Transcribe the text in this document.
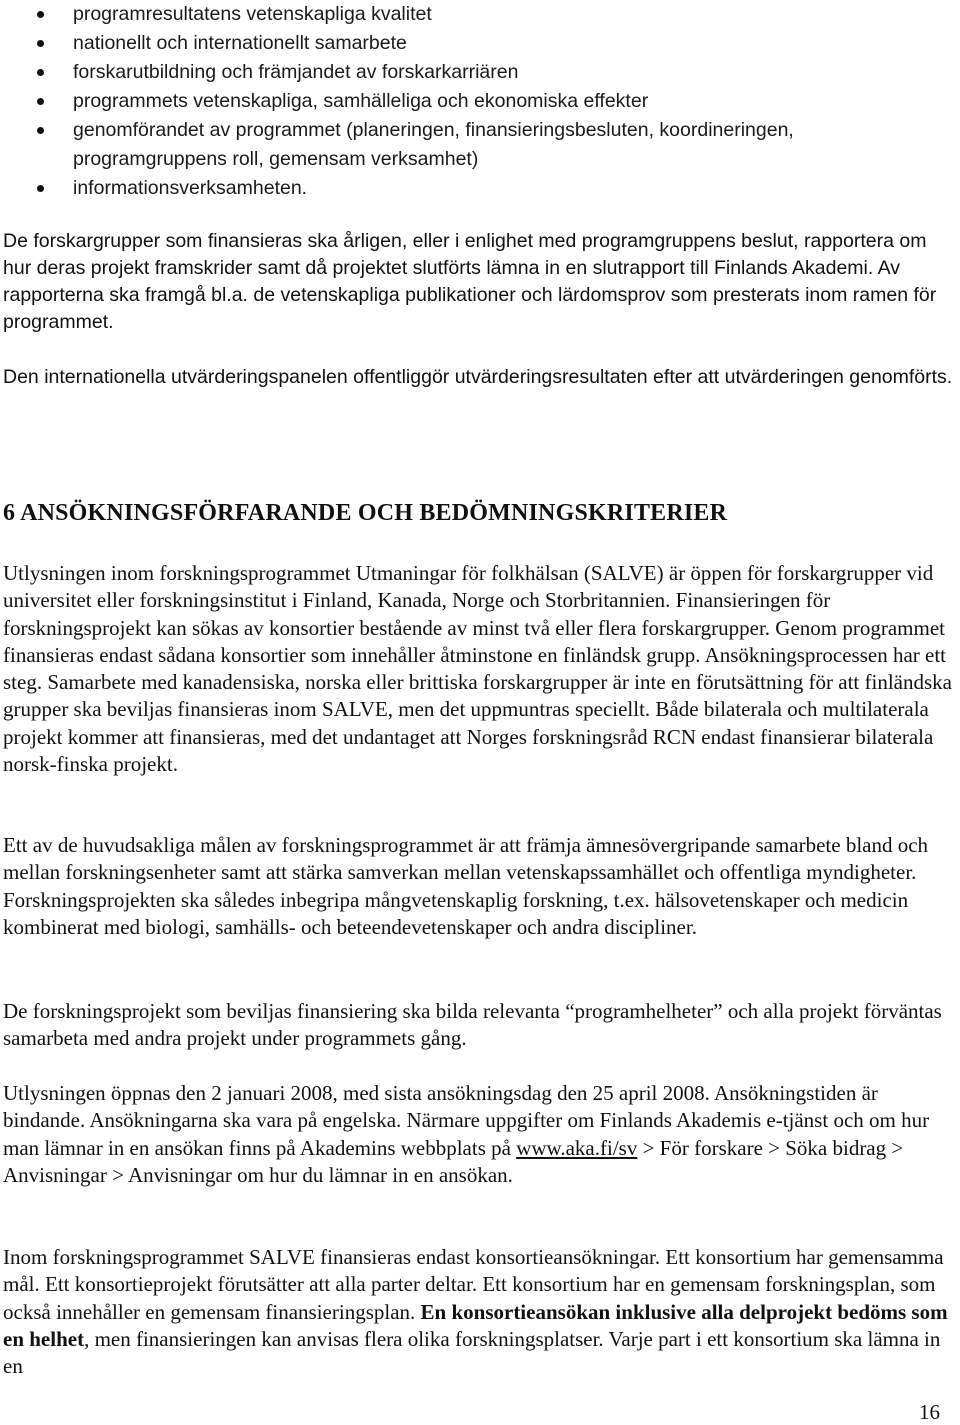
programresultatens vetenskapliga kvalitet
nationellt och internationellt samarbete
forskarutbildning och främjandet av forskarkarriären
programmets vetenskapliga, samhälleliga och ekonomiska effekter
genomförandet av programmet (planeringen, finansieringsbesluten, koordineringen, programgruppens roll, gemensam verksamhet)
informationsverksamheten.

De forskargrupper som finansieras ska årligen, eller i enlighet med programgruppens beslut, rapportera om hur deras projekt framskrider samt då projektet slutförts lämna in en slutrapport till Finlands Akademi. Av rapporterna ska framgå bl.a. de vetenskapliga publikationer och lärdomsprov som presterats inom ramen för programmet.

Den internationella utvärderingspanelen offentliggör utvärderingsresultaten efter att utvärderingen genomförts.

6 ANSÖKNINGSFÖRFARANDE OCH BEDÖMNINGSKRITERIER

Utlysningen inom forskningsprogrammet Utmaningar för folkhälsan (SALVE) är öppen för forskargrupper vid universitet eller forskningsinstitut i Finland, Kanada, Norge och Storbritannien. Finansieringen för forskningsprojekt kan sökas av konsortier bestående av minst två eller flera forskargrupper. Genom programmet finansieras endast sådana konsortier som innehåller åtminstone en finländsk grupp. Ansökningsprocessen har ett steg. Samarbete med kanadensiska, norska eller brittiska forskargrupper är inte en förutsättning för att finländska grupper ska beviljas finansieras inom SALVE, men det uppmuntras speciellt. Både bilaterala och multilaterala projekt kommer att finansieras, med det undantaget att Norges forskningsråd RCN endast finansierar bilaterala norsk-finska projekt.

Ett av de huvudsakliga målen av forskningsprogrammet är att främja ämnesövergripande samarbete bland och mellan forskningsenheter samt att stärka samverkan mellan vetenskapssamhället och offentliga myndigheter. Forskningsprojekten ska således inbegripa mångvetenskaplig forskning, t.ex. hälsovetenskaper och medicin kombinerat med biologi, samhälls- och beteendevetenskaper och andra discipliner.

De forskningsprojekt som beviljas finansiering ska bilda relevanta “programhelheter” och alla projekt förväntas samarbeta med andra projekt under programmets gång.

Utlysningen öppnas den 2 januari 2008, med sista ansökningsdag den 25 april 2008. Ansökningstiden är bindande. Ansökningarna ska vara på engelska. Närmare uppgifter om Finlands Akademis e-tjänst och om hur man lämnar in en ansökan finns på Akademins webbplats på www.aka.fi/sv > För forskare > Söka bidrag > Anvisningar > Anvisningar om hur du lämnar in en ansökan.

Inom forskningsprogrammet SALVE finansieras endast konsortieansökningar. Ett konsortium har gemensamma mål. Ett konsortieprojekt förutsätter att alla parter deltar. Ett konsortium har en gemensam forskningsplan, som också innehåller en gemensam finansieringsplan. En konsortieansökan inklusive alla delprojekt bedöms som en helhet, men finansieringen kan anvisas flera olika forskningsplatser. Varje part i ett konsortium ska lämna in en

16
